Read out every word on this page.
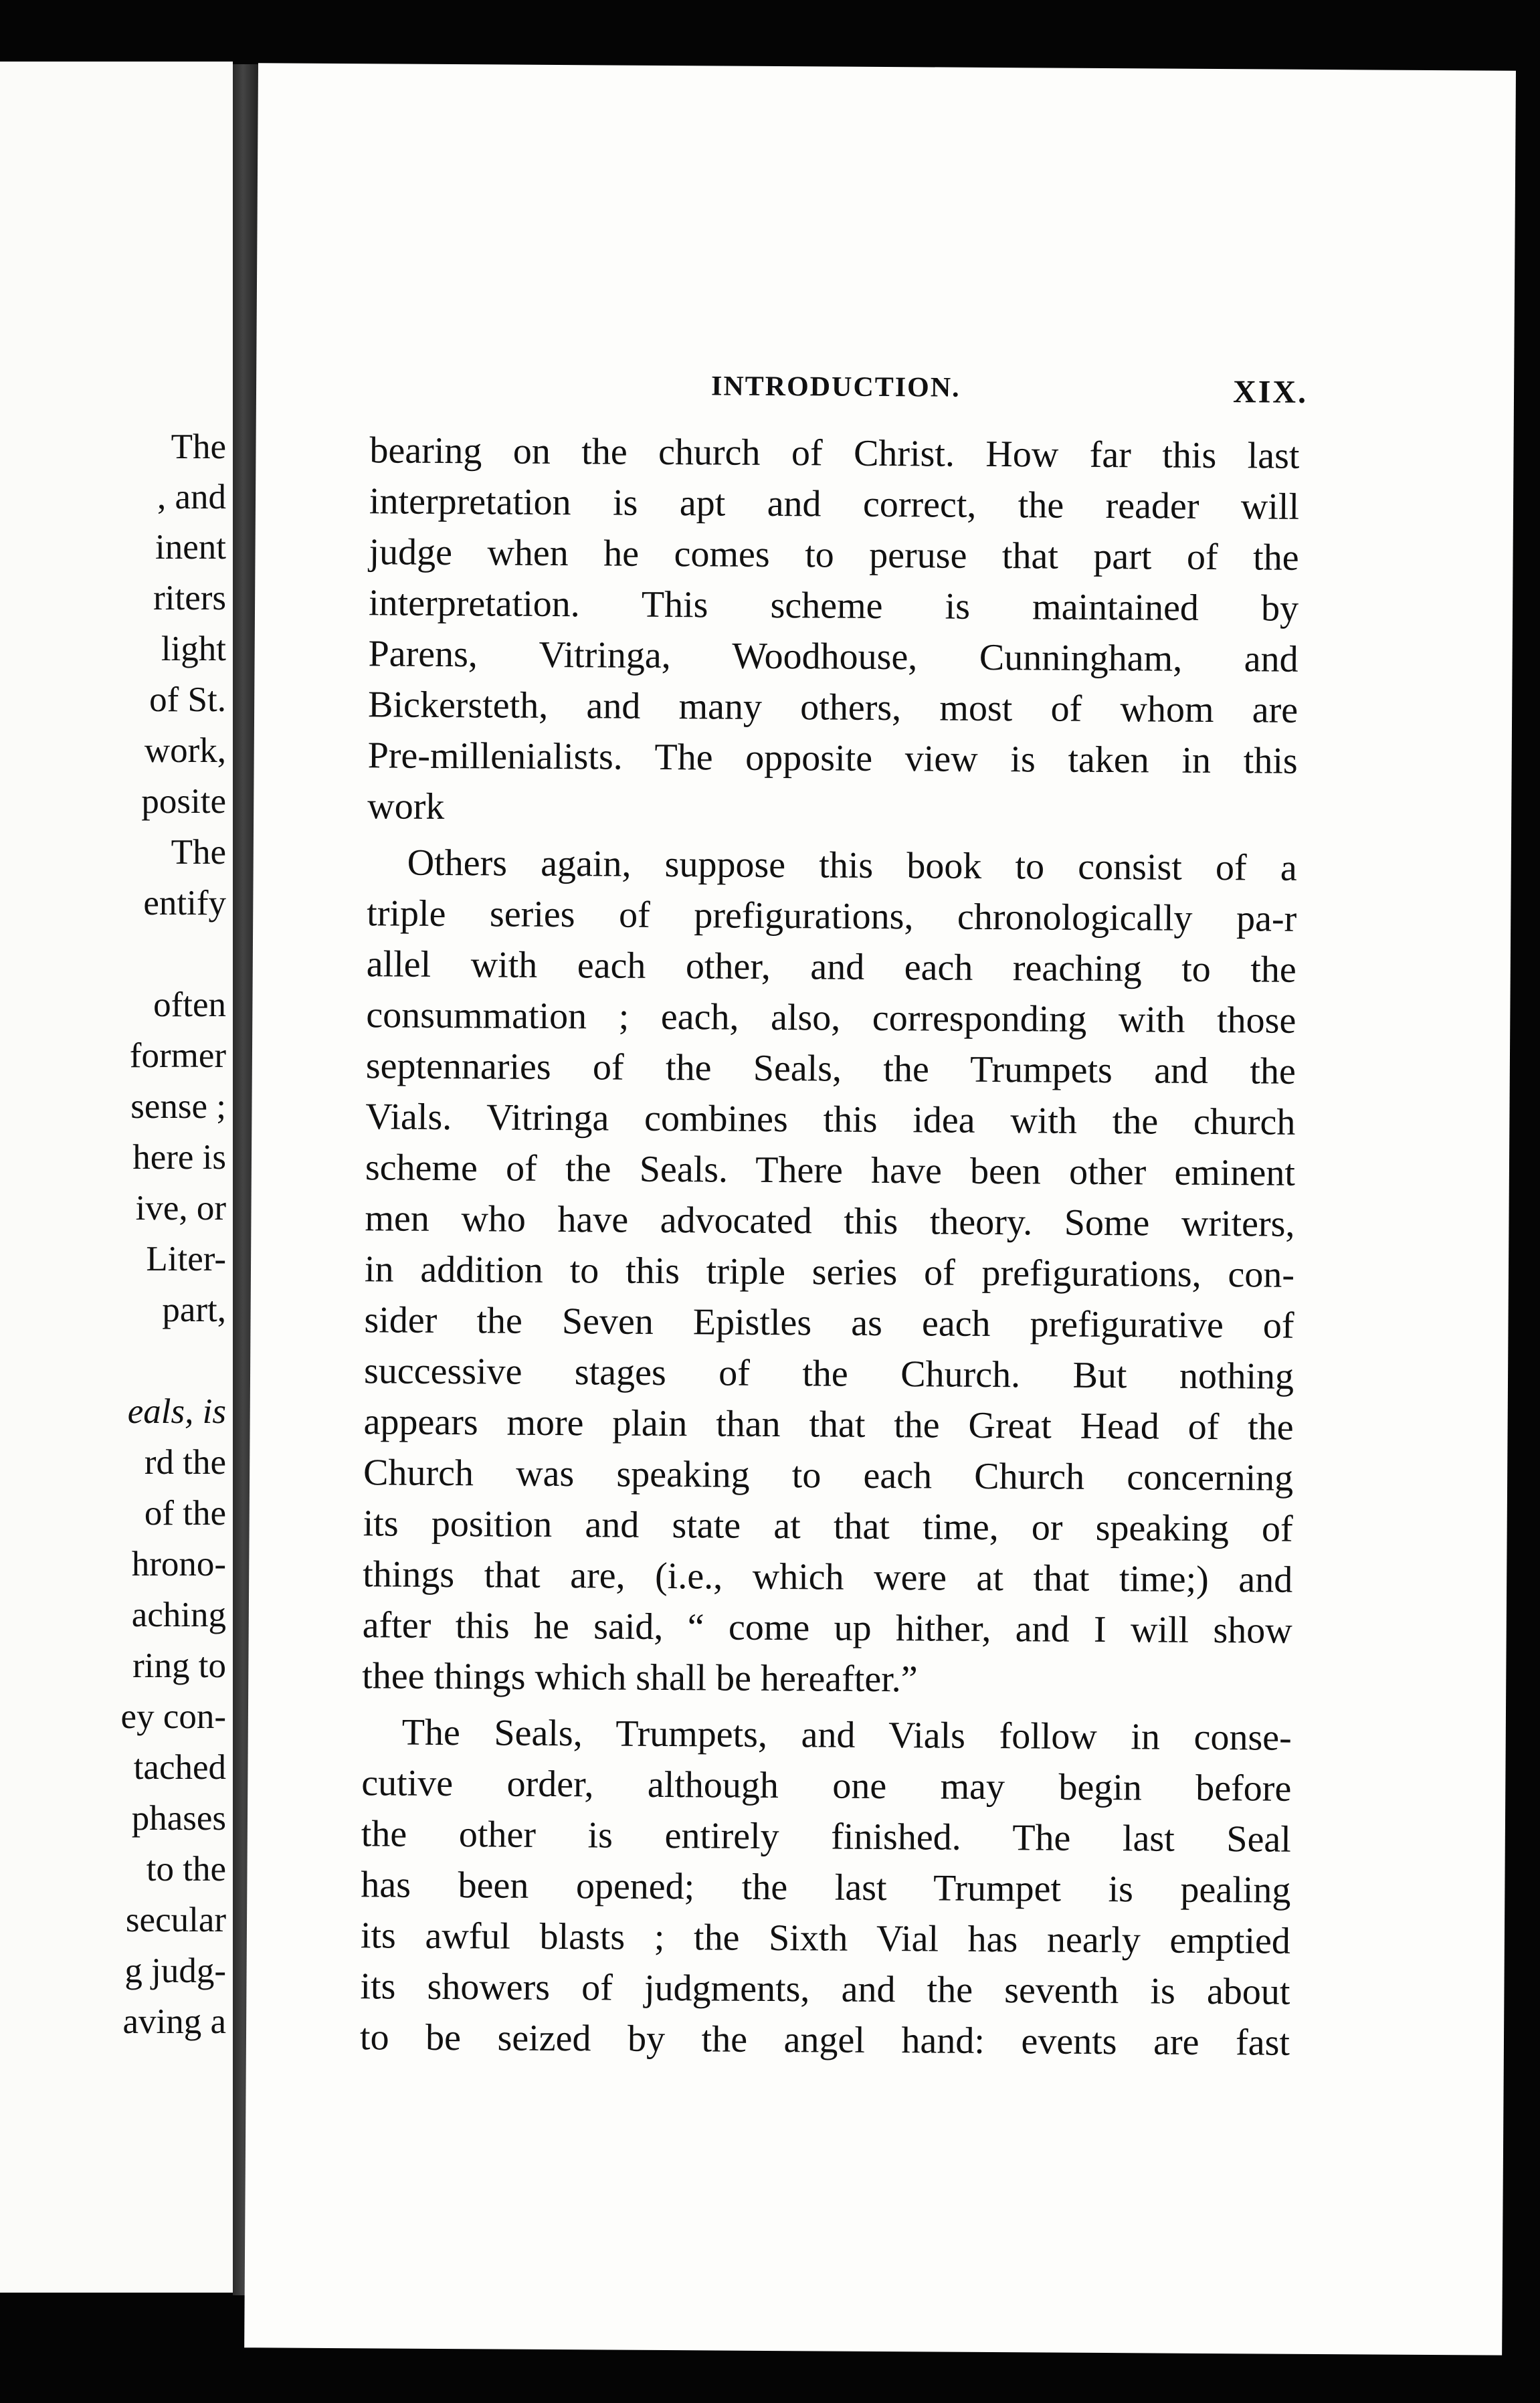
The
, and
inent
riters
light
of St.
work,
posite
The
entify
often
former
sense ;
here is
ive, or
Liter-
part,
eals, is
rd the
of the
hrono-
aching
ring to
ey con-
tached
phases
to the
secular
g judg-
aving a
INTRODUCTION.	XIX.
bearing on the church of Christ. How far this last
interpretation is apt and correct, the reader will
judge when he comes to peruse that part of the
interpretation. This scheme is maintained by
Parens, Vitringa, Woodhouse, Cunningham, and
Bickersteth, and many others, most of whom are
Pre-millenialists. The opposite view is taken in this
work
Others again, suppose this book to consist of a
triple series of prefigurations, chronologically pa-r
allel with each other, and each reaching to the
consummation ; each, also, corresponding with those
septennaries of the Seals, the Trumpets and the
Vials. Vitringa combines this idea with the church
scheme of the Seals. There have been other eminent
men who have advocated this theory. Some writers,
in addition to this triple series of prefigurations, con-
sider the Seven Epistles as each prefigurative of
successive stages of the Church. But nothing
appears more plain than that the Great Head of the
Church was speaking to each Church concerning
its position and state at that time, or speaking of
things that are, (i.e., which were at that time;) and
after this he said, “ come up hither, and I will show
thee things which shall be hereafter.”
The Seals, Trumpets, and Vials follow in conse-
cutive order, although one may begin before
the other is entirely finished. The last Seal
has been opened; the last Trumpet is pealing
its awful blasts ; the Sixth Vial has nearly emptied
its showers of judgments, and the seventh is about
to be seized by the angel hand: events are fast
